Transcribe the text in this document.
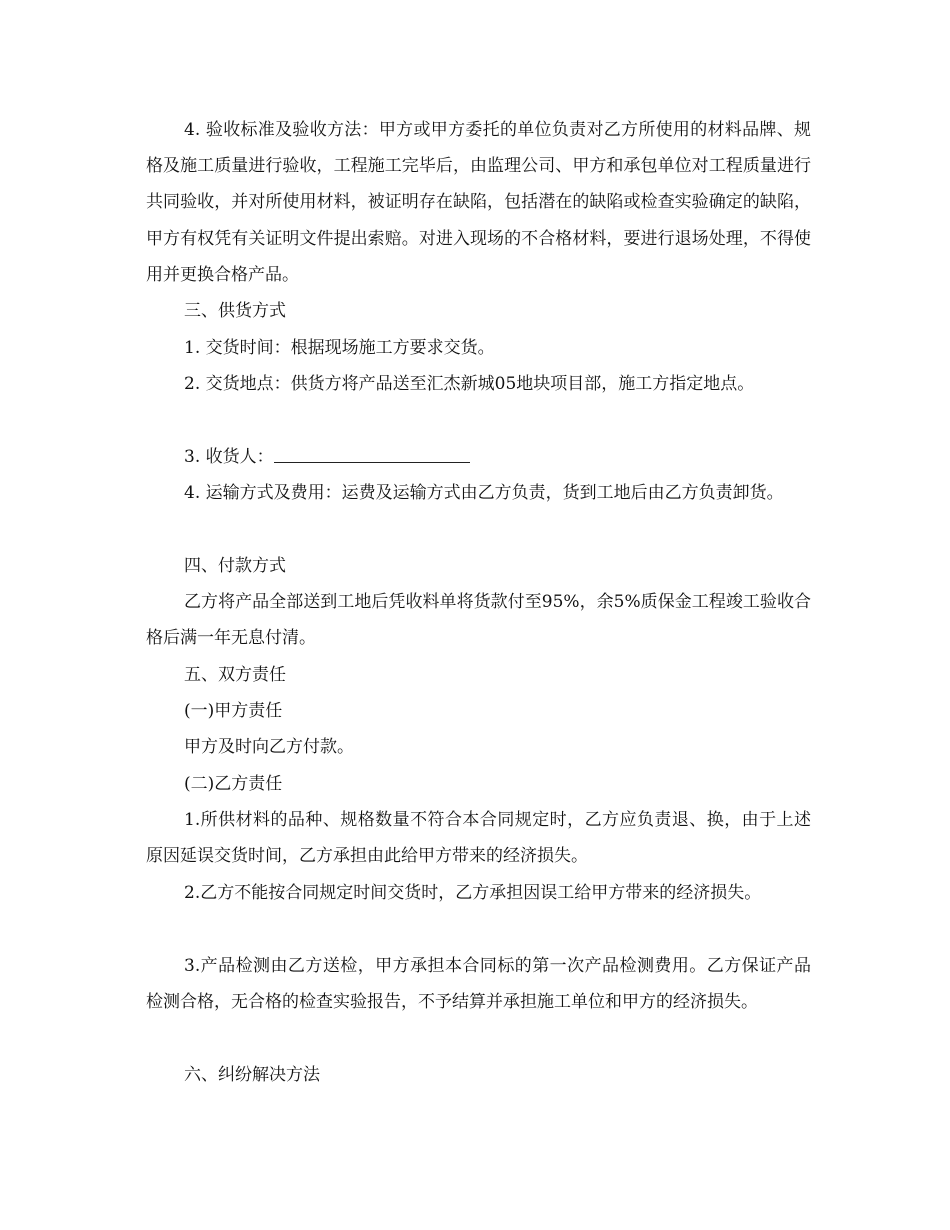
4. 验收标准及验收方法：甲方或甲方委托的单位负责对乙方所使用的材料品牌、规格及施工质量进行验收，工程施工完毕后，由监理公司、甲方和承包单位对工程质量进行共同验收，并对所使用材料，被证明存在缺陷，包括潜在的缺陷或检查实验确定的缺陷，甲方有权凭有关证明文件提出索赔。对进入现场的不合格材料，要进行退场处理，不得使用并更换合格产品。

三、供货方式

1. 交货时间：根据现场施工方要求交货。

2. 交货地点：供货方将产品送至汇杰新城05地块项目部，施工方指定地点。

3. 收货人：

4. 运输方式及费用：运费及运输方式由乙方负责，货到工地后由乙方负责卸货。

四、付款方式

乙方将产品全部送到工地后凭收料单将货款付至95%，余5%质保金工程竣工验收合格后满一年无息付清。

五、双方责任

(一)甲方责任

甲方及时向乙方付款。

(二)乙方责任

1.所供材料的品种、规格数量不符合本合同规定时，乙方应负责退、换，由于上述原因延误交货时间，乙方承担由此给甲方带来的经济损失。

2.乙方不能按合同规定时间交货时，乙方承担因误工给甲方带来的经济损失。

3.产品检测由乙方送检，甲方承担本合同标的第一次产品检测费用。乙方保证产品检测合格，无合格的检查实验报告，不予结算并承担施工单位和甲方的经济损失。

六、纠纷解决方法
